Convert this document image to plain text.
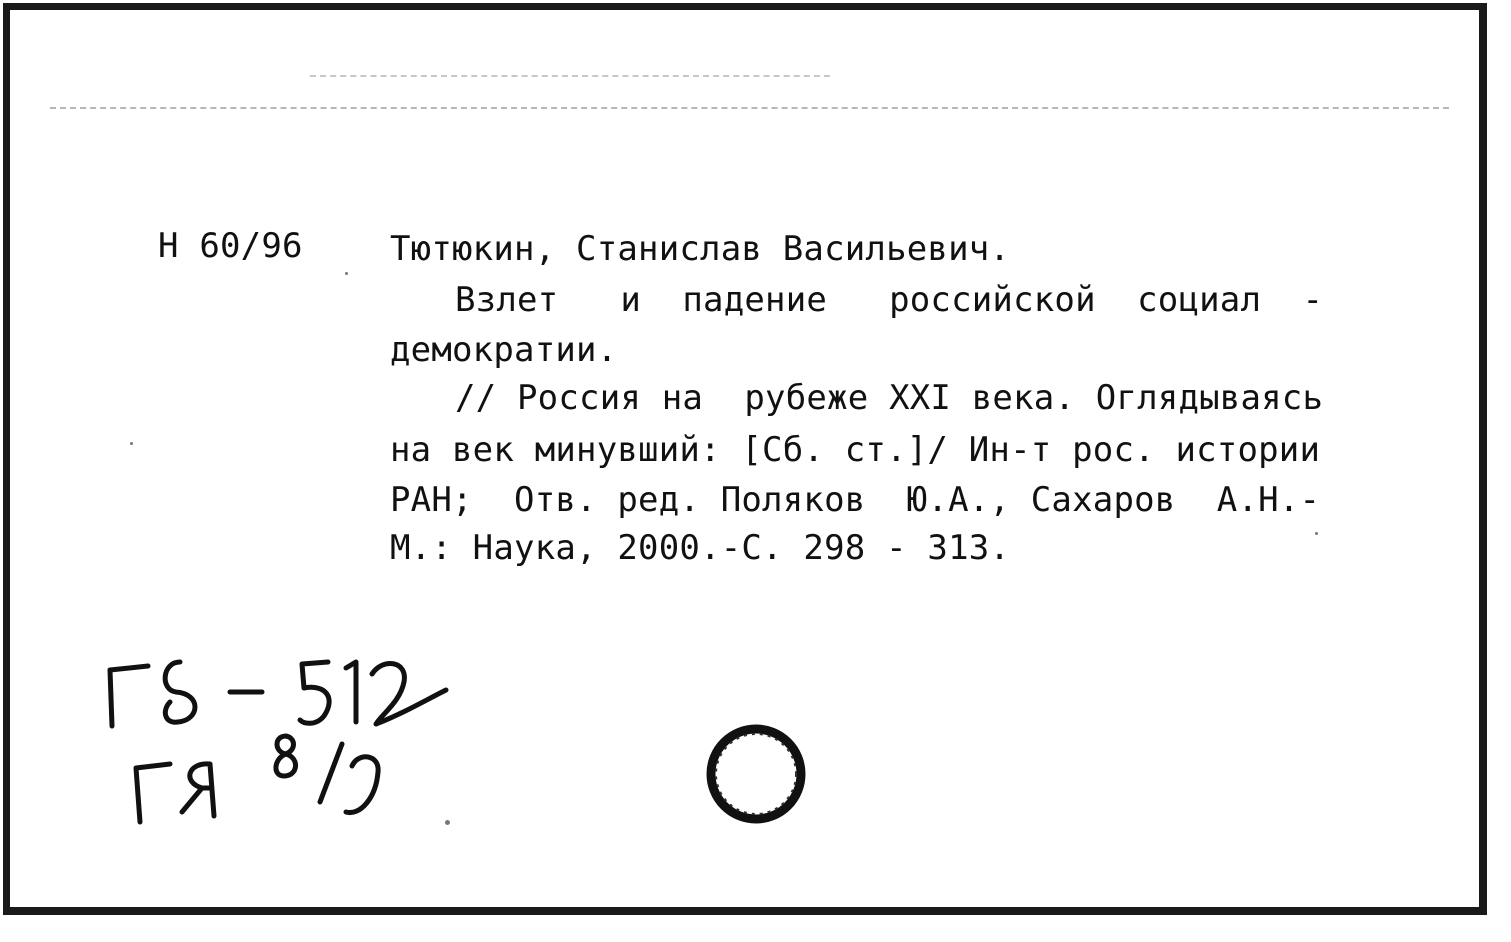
Н 60/96	Тютюкин, Станислав Васильевич.
Взлет   и  падение   российской  социал  -
демократии.
// Россия на  рубеже XXI века. Оглядываясь
на век минувший: [Сб. ст.]/ Ин-т рос. истории
РАН;  Отв. ред. Поляков  Ю.А., Сахаров  А.Н.-
М.: Наука, 2000.-С. 298 - 313.
